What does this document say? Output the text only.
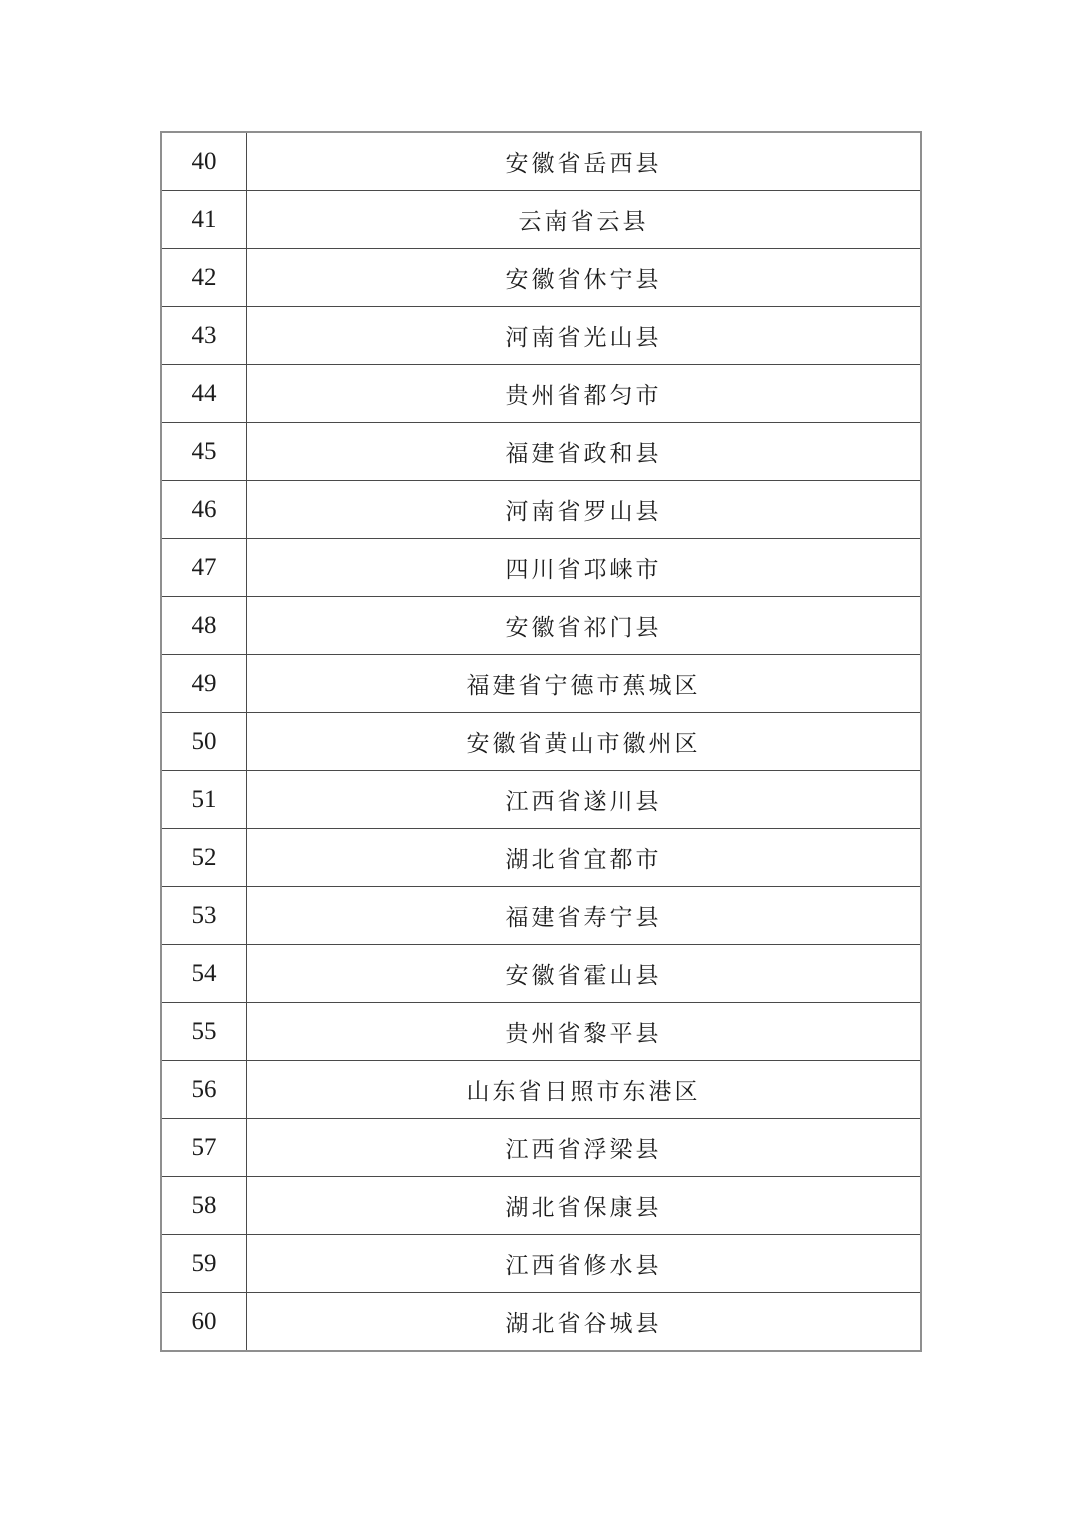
40	安徽省岳西县
41	云南省云县
42	安徽省休宁县
43	河南省光山县
44	贵州省都匀市
45	福建省政和县
46	河南省罗山县
47	四川省邛崃市
48	安徽省祁门县
49	福建省宁德市蕉城区
50	安徽省黄山市徽州区
51	江西省遂川县
52	湖北省宜都市
53	福建省寿宁县
54	安徽省霍山县
55	贵州省黎平县
56	山东省日照市东港区
57	江西省浮梁县
58	湖北省保康县
59	江西省修水县
60	湖北省谷城县
